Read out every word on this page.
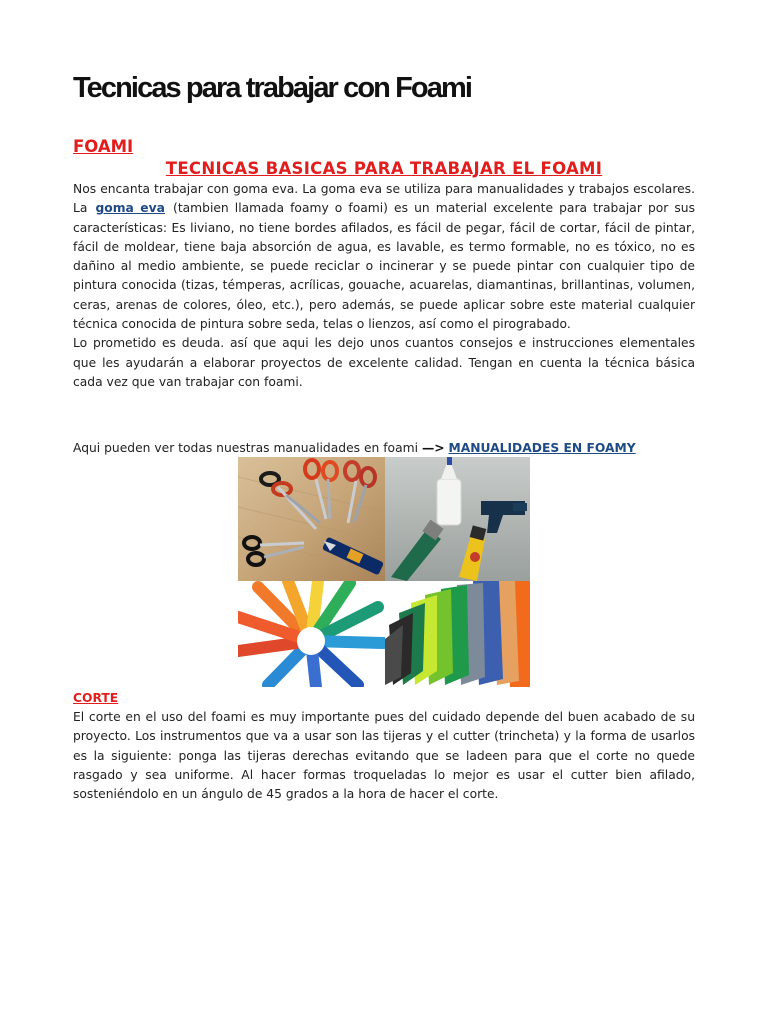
Tecnicas para trabajar con Foami
FOAMI
TECNICAS BASICAS PARA TRABAJAR EL FOAMI

Nos encanta trabajar con goma eva. La goma eva se utiliza para manualidades y trabajos escolares. La goma eva (tambien llamada foamy o foami) es un material excelente para trabajar por sus características: Es liviano, no tiene bordes afilados, es fácil de pegar, fácil de cortar, fácil de pintar, fácil de moldear, tiene baja absorción de agua, es lavable, es termo formable, no es tóxico, no es dañino al medio ambiente, se puede reciclar o incinerar y se puede pintar con cualquier tipo de pintura conocida (tizas, témperas, acrílicas, gouache, acuarelas, diamantinas, brillantinas, volumen, ceras, arenas de colores, óleo, etc.), pero además, se puede aplicar sobre este material cualquier técnica conocida de pintura sobre seda, telas o lienzos, así como el pirograbado.

Lo prometido es deuda. así que aqui les dejo unos cuantos consejos e instrucciones elementales que les ayudarán a elaborar proyectos de excelente calidad. Tengan en cuenta la técnica básica cada vez que van trabajar con foami.

Aqui pueden ver todas nuestras manualidades en foami —> MANUALIDADES EN FOAMY
CORTE

El corte en el uso del foami es muy importante pues del cuidado depende del buen acabado de su proyecto. Los instrumentos que va a usar son las tijeras y el cutter (trincheta) y la forma de usarlos es la siguiente: ponga las tijeras derechas evitando que se ladeen para que el corte no quede rasgado y sea uniforme. Al hacer formas troqueladas lo mejor es usar el cutter bien afilado, sosteniéndolo en un ángulo de 45 grados a la hora de hacer el corte.
